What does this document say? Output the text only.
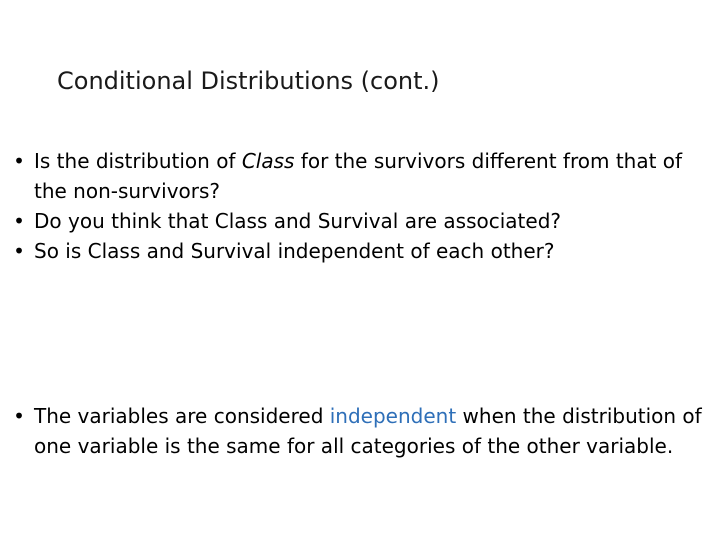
Conditional Distributions (cont.)
• Is the distribution of Class for the survivors different from that of the non-survivors?
• Do you think that Class and Survival are associated?
• So is Class and Survival independent of each other?
• The variables are considered independent when the distribution of one variable is the same for all categories of the other variable.
